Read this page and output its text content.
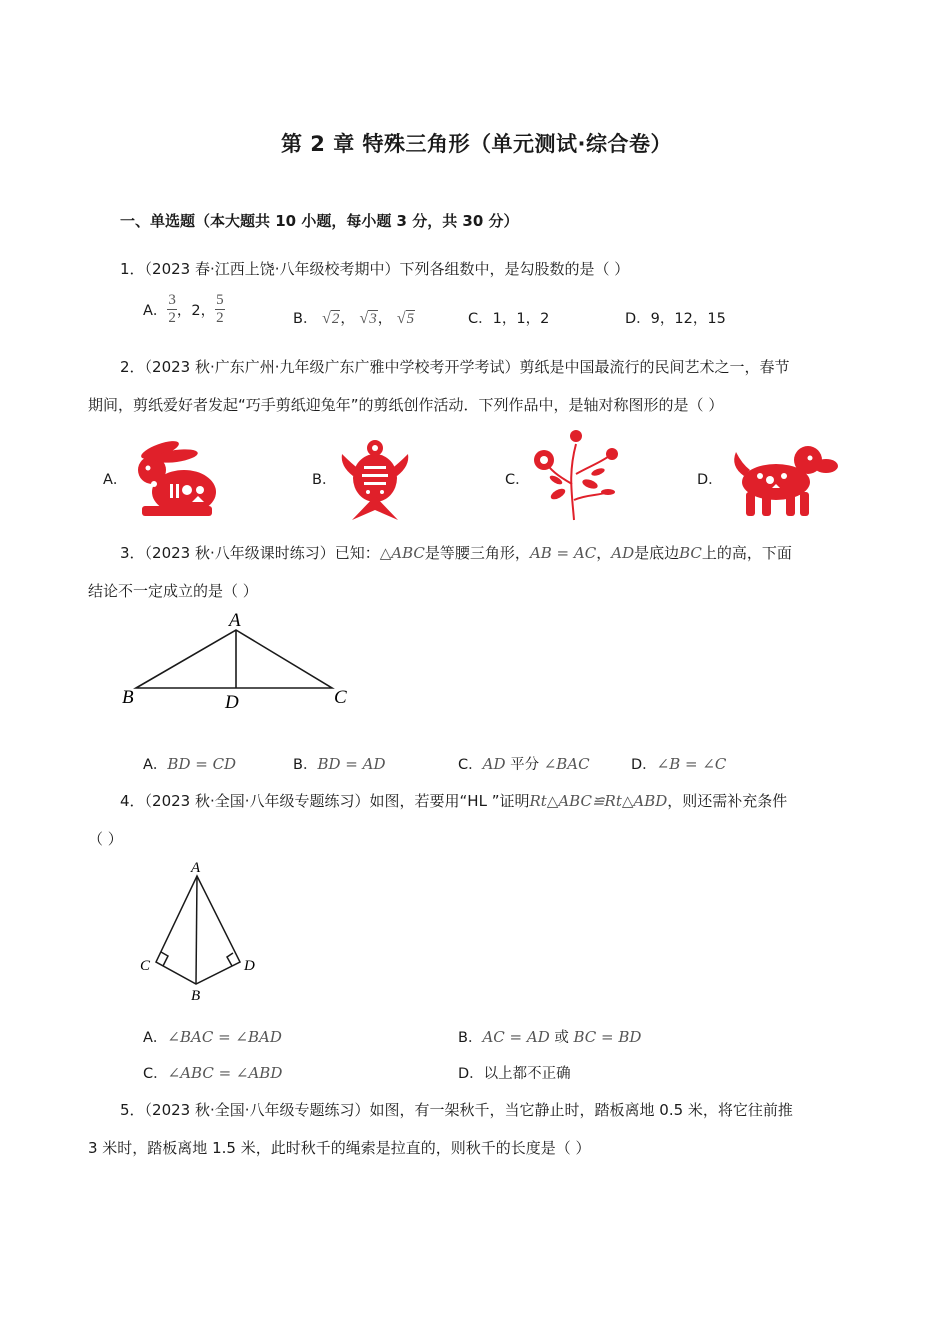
第 2 章 特殊三角形（单元测试·综合卷）
一、单选题（本大题共 10 小题，每小题 3 分，共 30 分）
1．（2023 春·江西上饶·八年级校考期中）下列各组数中，是勾股数的是（ ）
A． $\frac{3}{2}$ ，2， $\frac{5}{2}$	B． √2， √3， √5	C．1，1，2	D．9，12，15
2．（2023 秋·广东广州·九年级广东广雅中学校考开学考试）剪纸是中国最流行的民间艺术之一，春节
期间，剪纸爱好者发起“巧手剪纸迎兔年”的剪纸创作活动．下列作品中，是轴对称图形的是（ ）
A．	B．	C．	D．
3．（2023 秋·八年级课时练习）已知：△ABC是等腰三角形，AB = AC，AD是底边BC上的高，下面
结论不一定成立的是（ ）
A
B	C
D
A．BD = CD	B．BD = AD	C．AD 平分 ∠BAC	D．∠B = ∠C
4．（2023 秋·全国·八年级专题练习）如图，若要用“HL ”证明Rt△ABC≌Rt△ABD，则还需补充条件
（ ）
A
C	D
B
A．∠BAC = ∠BAD	B．AC = AD 或 BC = BD
C．∠ABC = ∠ABD	D．以上都不正确
5．（2023 秋·全国·八年级专题练习）如图，有一架秋千，当它静止时，踏板离地 0.5 米，将它往前推
3 米时，踏板离地 1.5 米，此时秋千的绳索是拉直的，则秋千的长度是（ ）
